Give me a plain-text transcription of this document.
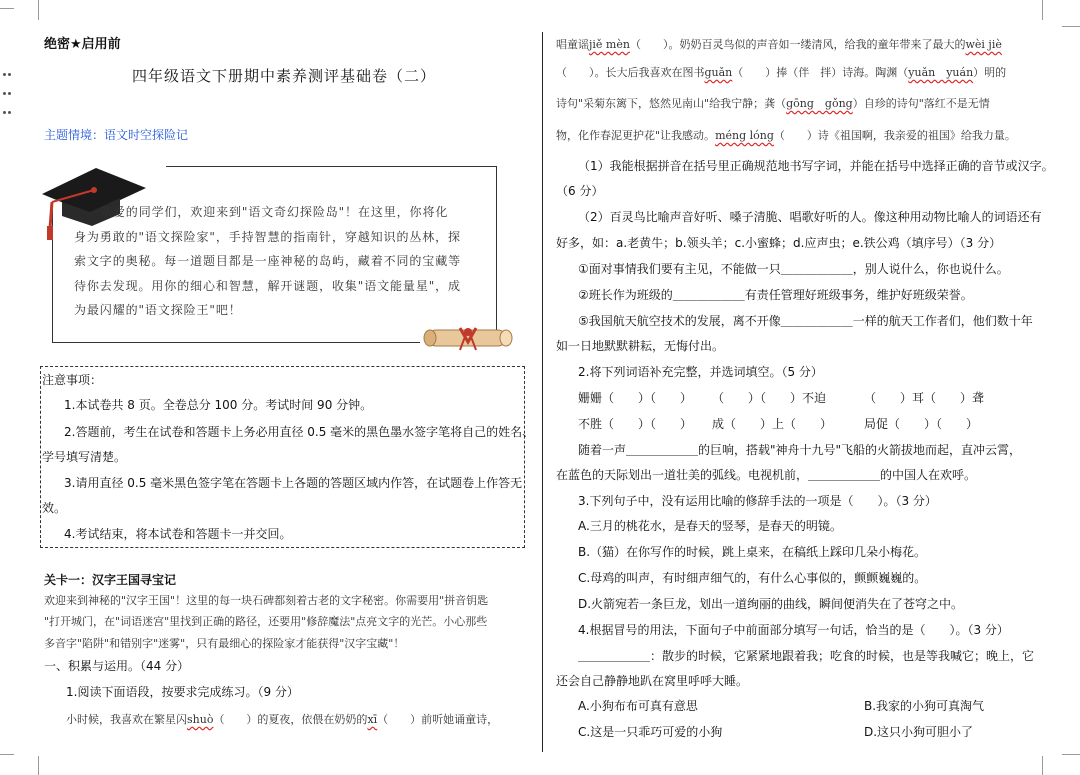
绝密★启用前
四年级语文下册期中素养测评基础卷（二）
主题情境：语文时空探险记
亲爱的同学们，欢迎来到"语文奇幻探险岛"！在这里，你将化
身为勇敢的"语文探险家"，手持智慧的指南针，穿越知识的丛林，探
索文字的奥秘。每一道题目都是一座神秘的岛屿，藏着不同的宝藏等
待你去发现。用你的细心和智慧，解开谜题，收集"语文能量星"，成
为最闪耀的"语文探险王"吧！
注意事项：
1.本试卷共 8 页。全卷总分 100 分。考试时间 90 分钟。
2.答题前，考生在试卷和答题卡上务必用直径 0.5 毫米的黑色墨水签字笔将自己的姓名、
学号填写清楚。
3.请用直径 0.5 毫米黑色签字笔在答题卡上各题的答题区域内作答，在试题卷上作答无
效。
4.考试结束，将本试卷和答题卡一并交回。
关卡一：汉字王国寻宝记
欢迎来到神秘的"汉字王国"！这里的每一块石碑都刻着古老的文字秘密。你需要用"拼音钥匙
"打开城门，在"词语迷宫"里找到正确的路径，还要用"修辞魔法"点亮文字的光芒。小心那些
多音字"陷阱"和错别字"迷雾"，只有最细心的探险家才能获得"汉字宝藏"！
一、积累与运用。（44 分）
1.阅读下面语段，按要求完成练习。（9 分）
小时候，我喜欢在繁星闪shuò（　　）的夏夜，依偎在奶奶的xī（　　）前听她诵童诗，
唱童谣jiě mèn（　　）。奶奶百灵鸟似的声音如一缕清风，给我的童年带来了最大的wèi jiè
（　　）。长大后我喜欢在图书guǎn（　　）捧（伴　拌）诗海。陶渊（yuǎn　yuán）明的
诗句"采菊东篱下，悠然见南山"给我宁静；龚（gōng　gǒng）自珍的诗句"落红不是无情
物，化作春泥更护花"让我感动。méng lóng（　　）诗《祖国啊，我亲爱的祖国》给我力量。
（1）我能根据拼音在括号里正确规范地书写字词，并能在括号中选择正确的音节或汉字。
（6 分）
（2）百灵鸟比喻声音好听、嗓子清脆、唱歌好听的人。像这种用动物比喻人的词语还有
好多，如：a.老黄牛；b.领头羊；c.小蜜蜂；d.应声虫；e.铁公鸡（填序号）（3 分）
①面对事情我们要有主见，不能做一只＿＿＿＿＿＿，别人说什么，你也说什么。
②班长作为班级的＿＿＿＿＿＿有责任管理好班级事务，维护好班级荣誉。
⑤我国航天航空技术的发展，离不开像＿＿＿＿＿＿一样的航天工作者们，他们数十年
如一日地默默耕耘，无悔付出。
2.将下列词语补充完整，并选词填空。（5 分）
姗姗（　　）（　　） （　　）（　　）不迫	（　　）耳（　　）聋
不胜（　　）（　　） 成（　　）上（　　）	局促（　　）（　　）
随着一声＿＿＿＿＿＿的巨响，搭载"神舟十九号"飞船的火箭拔地而起，直冲云霄，
在蓝色的天际划出一道壮美的弧线。电视机前，＿＿＿＿＿＿的中国人在欢呼。
3.下列句子中，没有运用比喻的修辞手法的一项是（　　）。（3 分）
A.三月的桃花水，是春天的竖琴，是春天的明镜。
B.（猫）在你写作的时候，跳上桌来，在稿纸上踩印几朵小梅花。
C.母鸡的叫声，有时细声细气的，有什么心事似的，颤颤巍巍的。
D.火箭宛若一条巨龙，划出一道绚丽的曲线，瞬间便消失在了苍穹之中。
4.根据冒号的用法，下面句子中前面部分填写一句话，恰当的是（　　）。（3 分）
＿＿＿＿＿＿：散步的时候，它紧紧地跟着我；吃食的时候，也是等我喊它；晚上，它
还会自己静静地趴在窝里呼呼大睡。
A.小狗布布可真有意思	B.我家的小狗可真淘气
C.这是一只乖巧可爱的小狗	D.这只小狗可胆小了
